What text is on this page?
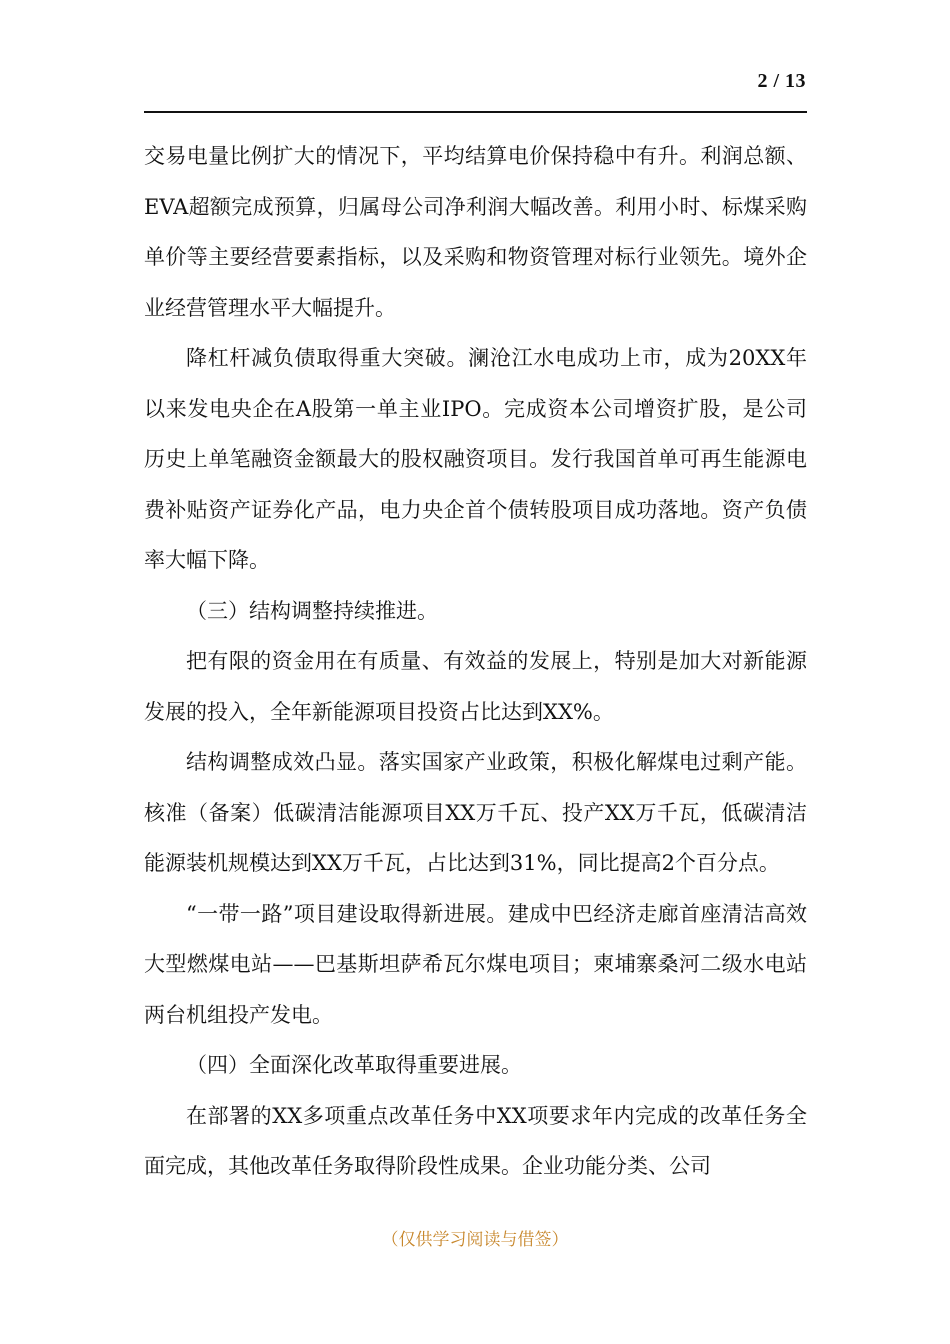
2 / 13

交易电量比例扩大的情况下，平均结算电价保持稳中有升。利润总额、EVA超额完成预算，归属母公司净利润大幅改善。利用小时、标煤采购单价等主要经营要素指标，以及采购和物资管理对标行业领先。境外企业经营管理水平大幅提升。

降杠杆减负债取得重大突破。澜沧江水电成功上市，成为20XX年以来发电央企在A股第一单主业IPO。完成资本公司增资扩股，是公司历史上单笔融资金额最大的股权融资项目。发行我国首单可再生能源电费补贴资产证券化产品，电力央企首个债转股项目成功落地。资产负债率大幅下降。

（三）结构调整持续推进。

把有限的资金用在有质量、有效益的发展上，特别是加大对新能源发展的投入，全年新能源项目投资占比达到XX%。

结构调整成效凸显。落实国家产业政策，积极化解煤电过剩产能。核准（备案）低碳清洁能源项目XX万千瓦、投产XX万千瓦，低碳清洁能源装机规模达到XX万千瓦，占比达到31%，同比提高2个百分点。

“一带一路”项目建设取得新进展。建成中巴经济走廊首座清洁高效大型燃煤电站——巴基斯坦萨希瓦尔煤电项目；柬埔寨桑河二级水电站两台机组投产发电。

（四）全面深化改革取得重要进展。

在部署的XX多项重点改革任务中XX项要求年内完成的改革任务全面完成，其他改革任务取得阶段性成果。企业功能分类、公司

（仅供学习阅读与借签）
